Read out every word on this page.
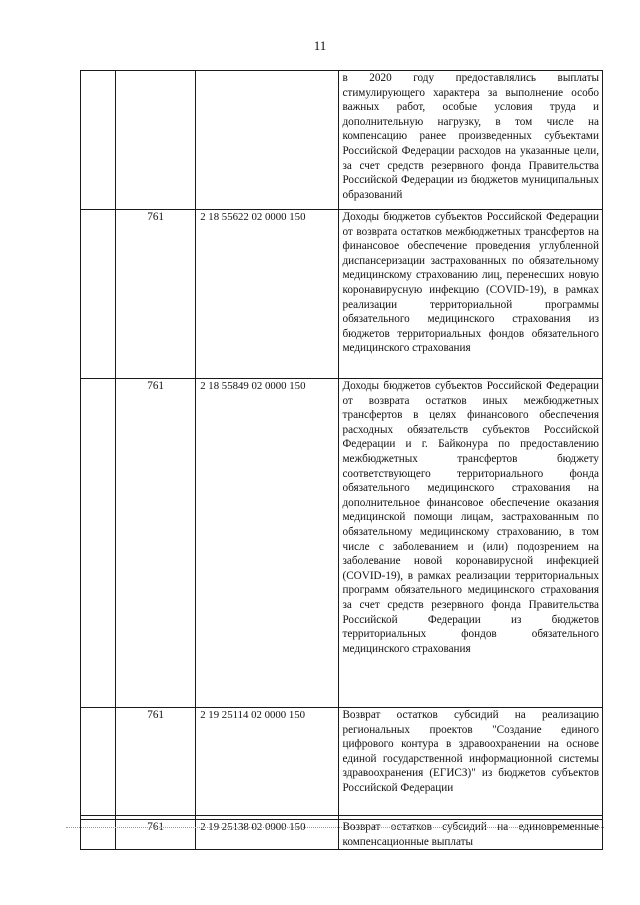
11
			в 2020 году предоставлялись выплаты стимулирующего характера за выполнение особо важных работ, особые условия труда и дополнительную нагрузку, в том числе на компенсацию ранее произведенных субъектами Российской Федерации расходов на указанные цели, за счет средств резервного фонда Правительства Российской Федерации из бюджетов муниципальных образований
	761	2 18 55622 02 0000 150	Доходы бюджетов субъектов Российской Федерации от возврата остатков межбюджетных трансфертов на финансовое обеспечение проведения углубленной диспансеризации застрахованных по обязательному медицинскому страхованию лиц, перенесших новую коронавирусную инфекцию (COVID-19), в рамках реализации территориальной программы обязательного медицинского страхования из бюджетов территориальных фондов обязательного медицинского страхования
	761	2 18 55849 02 0000 150	Доходы бюджетов субъектов Российской Федерации от возврата остатков иных межбюджетных трансфертов в целях финансового обеспечения расходных обязательств субъектов Российской Федерации и г. Байконура по предоставлению межбюджетных трансфертов бюджету соответствующего территориального фонда обязательного медицинского страхования на дополнительное финансовое обеспечение оказания медицинской помощи лицам, застрахованным по обязательному медицинскому страхованию, в том числе с заболеванием и (или) подозрением на заболевание новой коронавирусной инфекцией (COVID-19), в рамках реализации территориальных программ обязательного медицинского страхования за счет средств резервного фонда Правительства Российской Федерации из бюджетов территориальных фондов обязательного медицинского страхования
	761	2 19 25114 02 0000 150	Возврат остатков субсидий на реализацию региональных проектов "Создание единого цифрового контура в здравоохранении на основе единой государственной информационной системы здравоохранения (ЕГИСЗ)" из бюджетов субъектов Российской Федерации

	761	2 19 25138 02 0000 150	Возврат остатков субсидий на единовременные компенсационные выплаты
